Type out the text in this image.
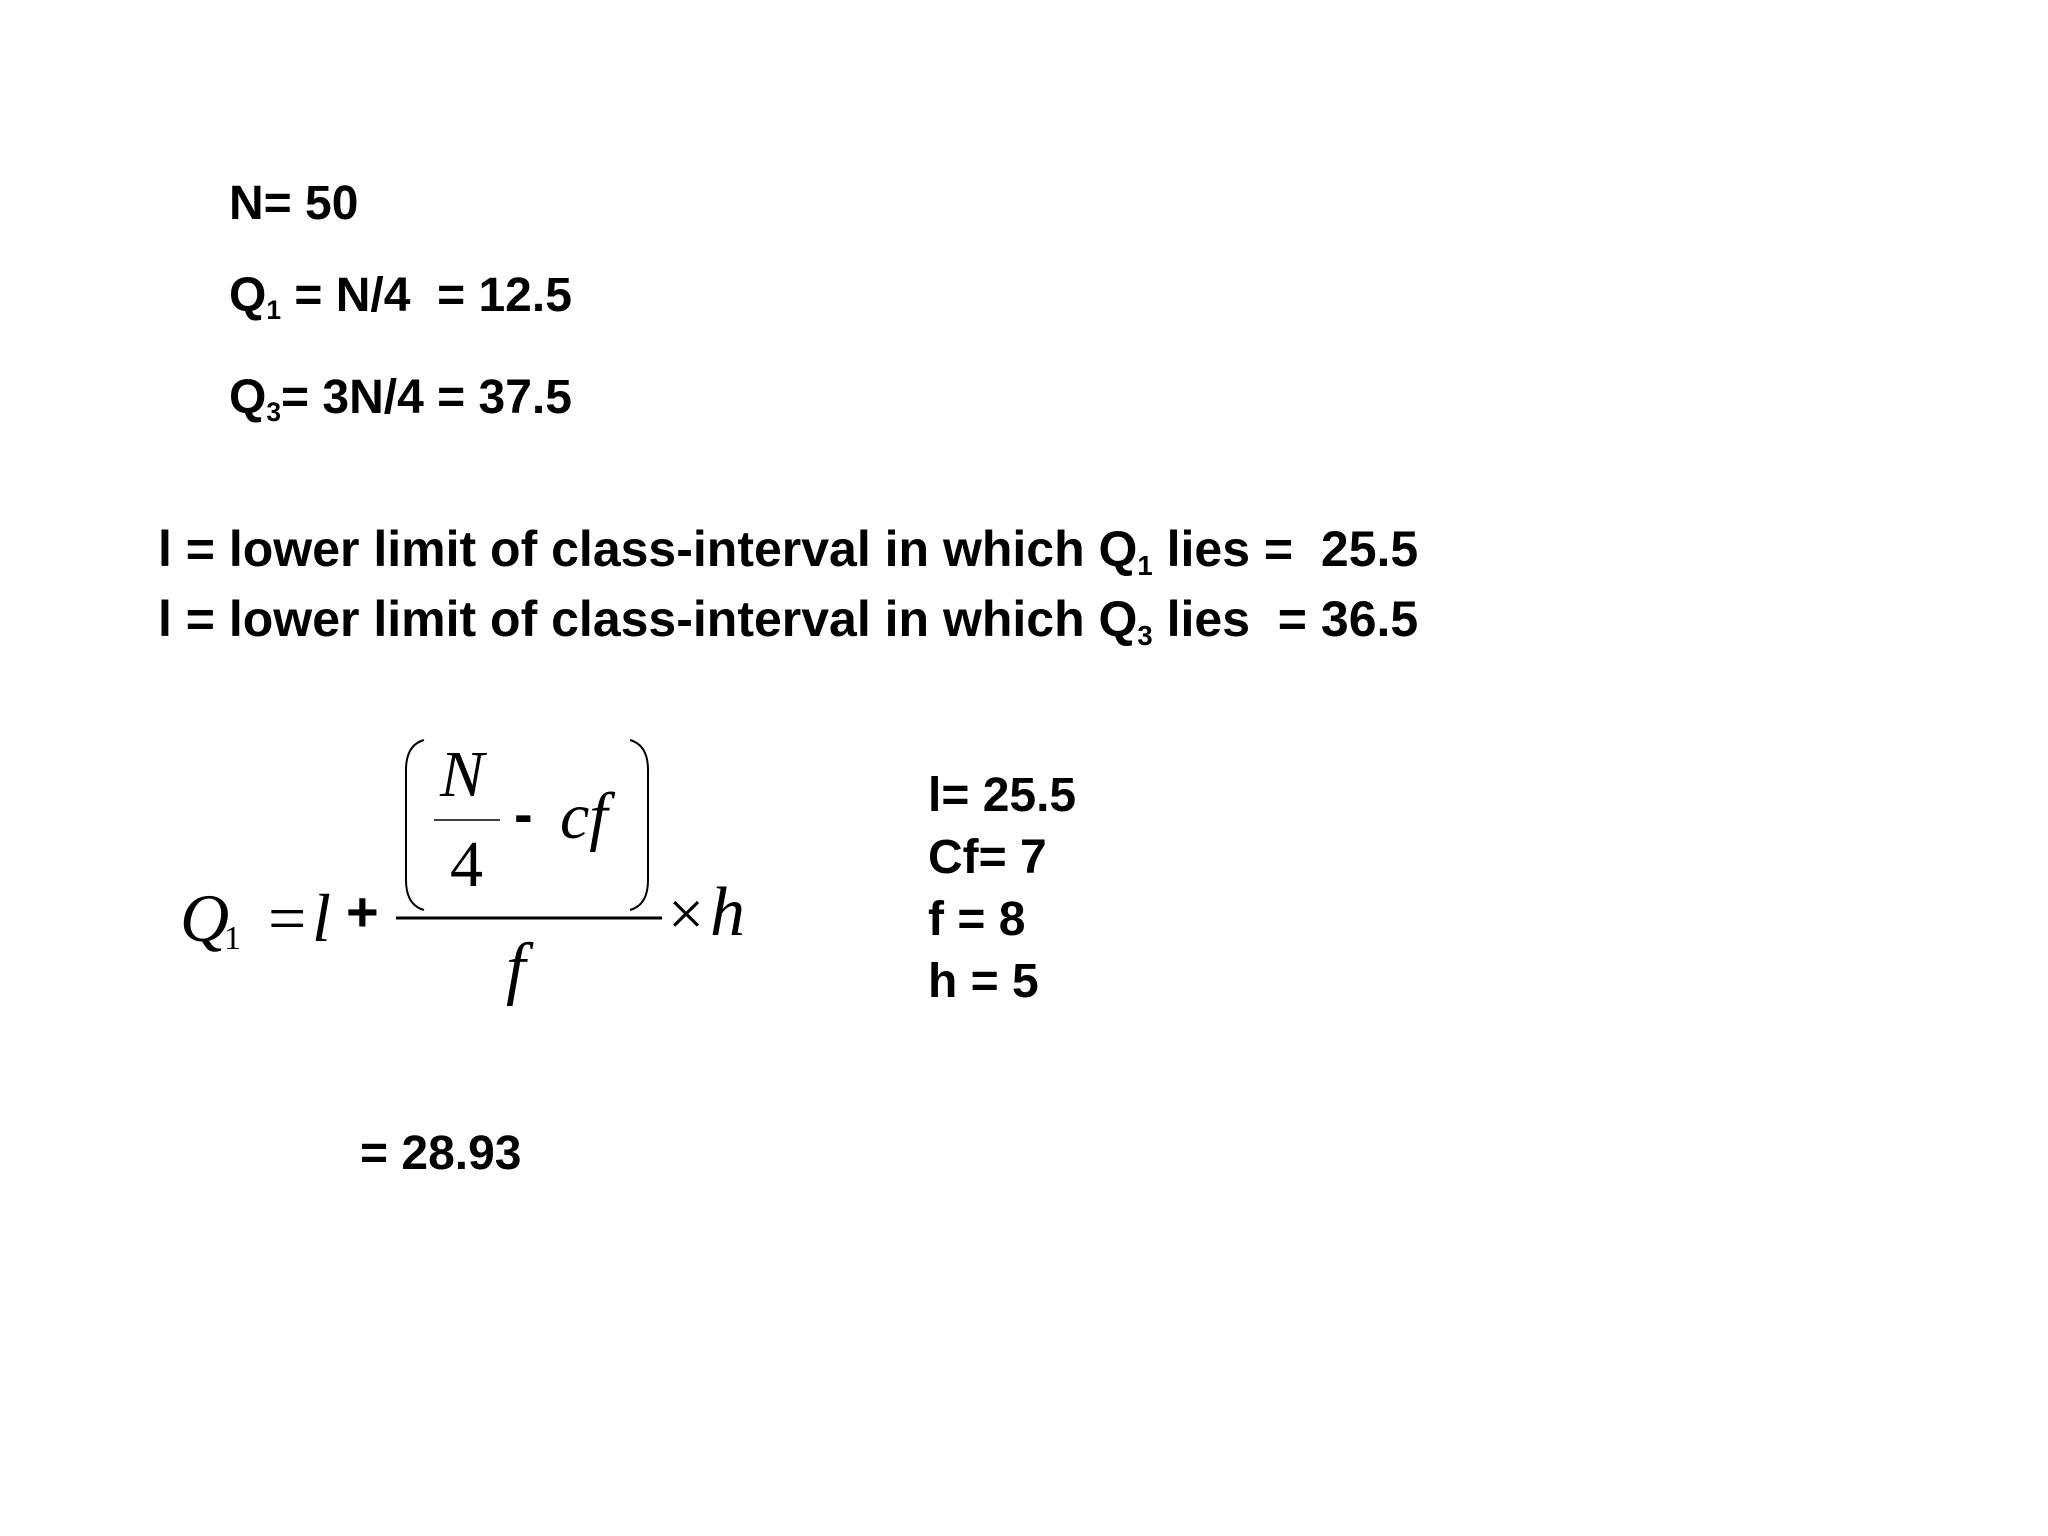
N= 50
$Q_1 = N/4 = 12.5$
$Q_3= 3N/4 = 37.5$
l = lower limit of class-interval in which $Q_1$ lies =  25.5
l = lower limit of class-interval in which $Q_3$ lies  = 36.5
Q
1 = l +
N
4
- cf
f
× h
l= 25.5
Cf= 7
f = 8
h = 5
= 28.93
